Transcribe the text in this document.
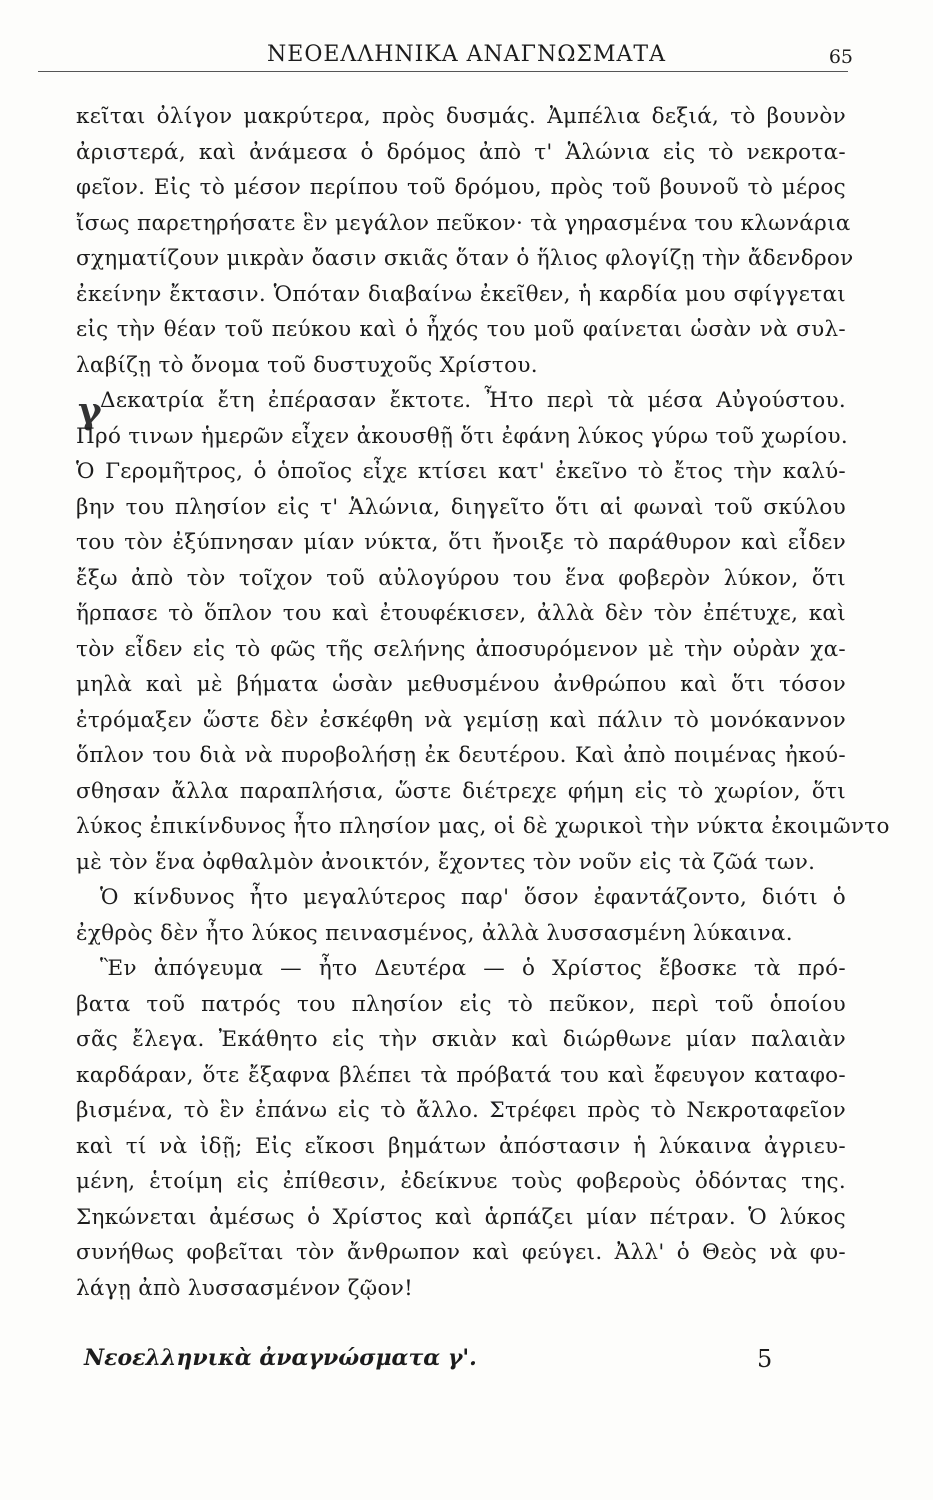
ΝΕΟΕΛΛΗΝΙΚΑ ΑΝΑΓΝΩΣΜΑΤΑ	65
γ
κεῖται ὀλίγον μακρύτερα, πρὸς δυσμάς. Ἀμπέλια δεξιά, τὸ βουνὸν
ἀριστερά, καὶ ἀνάμεσα ὁ δρόμος ἀπὸ τ' Ἁλώνια εἰς τὸ νεκροτα-
φεῖον. Εἰς τὸ μέσον περίπου τοῦ δρόμου, πρὸς τοῦ βουνοῦ τὸ μέρος
ἴσως παρετηρήσατε ἓν μεγάλον πεῦκον· τὰ γηρασμένα του κλωνάρια
σχηματίζουν μικρὰν ὄασιν σκιᾶς ὅταν ὁ ἥλιος φλογίζῃ τὴν ἄδενδρον
ἐκείνην ἔκτασιν. Ὁπόταν διαβαίνω ἐκεῖθεν, ἡ καρδία μου σφίγγεται
εἰς τὴν θέαν τοῦ πεύκου καὶ ὁ ἦχός του μοῦ φαίνεται ὡσὰν νὰ συλ-
λαβίζῃ τὸ ὄνομα τοῦ δυστυχοῦς Χρίστου.
Δεκατρία ἔτη ἐπέρασαν ἔκτοτε. Ἦτο περὶ τὰ μέσα Αὐγούστου.
Πρό τινων ἡμερῶν εἶχεν ἀκουσθῇ ὅτι ἐφάνη λύκος γύρω τοῦ χωρίου.
Ὁ Γερομῆτρος, ὁ ὁποῖος εἶχε κτίσει κατ' ἐκεῖνο τὸ ἔτος τὴν καλύ-
βην του πλησίον εἰς τ' Ἁλώνια, διηγεῖτο ὅτι αἱ φωναὶ τοῦ σκύλου
του τὸν ἐξύπνησαν μίαν νύκτα, ὅτι ἤνοιξε τὸ παράθυρον καὶ εἶδεν
ἔξω ἀπὸ τὸν τοῖχον τοῦ αὐλογύρου του ἕνα φοβερὸν λύκον, ὅτι
ἥρπασε τὸ ὅπλον του καὶ ἐτουφέκισεν, ἀλλὰ δὲν τὸν ἐπέτυχε, καὶ
τὸν εἶδεν εἰς τὸ φῶς τῆς σελήνης ἀποσυρόμενον μὲ τὴν οὐρὰν χα-
μηλὰ καὶ μὲ βήματα ὡσὰν μεθυσμένου ἀνθρώπου καὶ ὅτι τόσον
ἐτρόμαξεν ὥστε δὲν ἐσκέφθη νὰ γεμίσῃ καὶ πάλιν τὸ μονόκαννον
ὅπλον του διὰ νὰ πυροβολήσῃ ἐκ δευτέρου. Καὶ ἀπὸ ποιμένας ἠκού-
σθησαν ἄλλα παραπλήσια, ὥστε διέτρεχε φήμη εἰς τὸ χωρίον, ὅτι
λύκος ἐπικίνδυνος ἦτο πλησίον μας, οἱ δὲ χωρικοὶ τὴν νύκτα ἐκοιμῶντο
μὲ τὸν ἕνα ὀφθαλμὸν ἀνοικτόν, ἔχοντες τὸν νοῦν εἰς τὰ ζῶά των.
Ὁ κίνδυνος ἦτο μεγαλύτερος παρ' ὅσον ἐφαντάζοντο, διότι ὁ
ἐχθρὸς δὲν ἦτο λύκος πεινασμένος, ἀλλὰ λυσσασμένη λύκαινα.
Ἓν ἀπόγευμα — ἦτο Δευτέρα — ὁ Χρίστος ἔβοσκε τὰ πρό-
βατα τοῦ πατρός του πλησίον εἰς τὸ πεῦκον, περὶ τοῦ ὁποίου
σᾶς ἔλεγα. Ἐκάθητο εἰς τὴν σκιὰν καὶ διώρθωνε μίαν παλαιὰν
καρδάραν, ὅτε ἔξαφνα βλέπει τὰ πρόβατά του καὶ ἔφευγον καταφο-
βισμένα, τὸ ἓν ἐπάνω εἰς τὸ ἄλλο. Στρέφει πρὸς τὸ Νεκροταφεῖον
καὶ τί νὰ ἰδῇ; Εἰς εἴκοσι βημάτων ἀπόστασιν ἡ λύκαινα ἀγριευ-
μένη, ἑτοίμη εἰς ἐπίθεσιν, ἐδείκνυε τοὺς φοβεροὺς ὀδόντας της.
Σηκώνεται ἀμέσως ὁ Χρίστος καὶ ἁρπάζει μίαν πέτραν. Ὁ λύκος
συνήθως φοβεῖται τὸν ἄνθρωπον καὶ φεύγει. Ἀλλ' ὁ Θεὸς νὰ φυ-
λάγῃ ἀπὸ λυσσασμένον ζῷον!
Νεοελληνικὰ ἀναγνώσματα γ'.	5
